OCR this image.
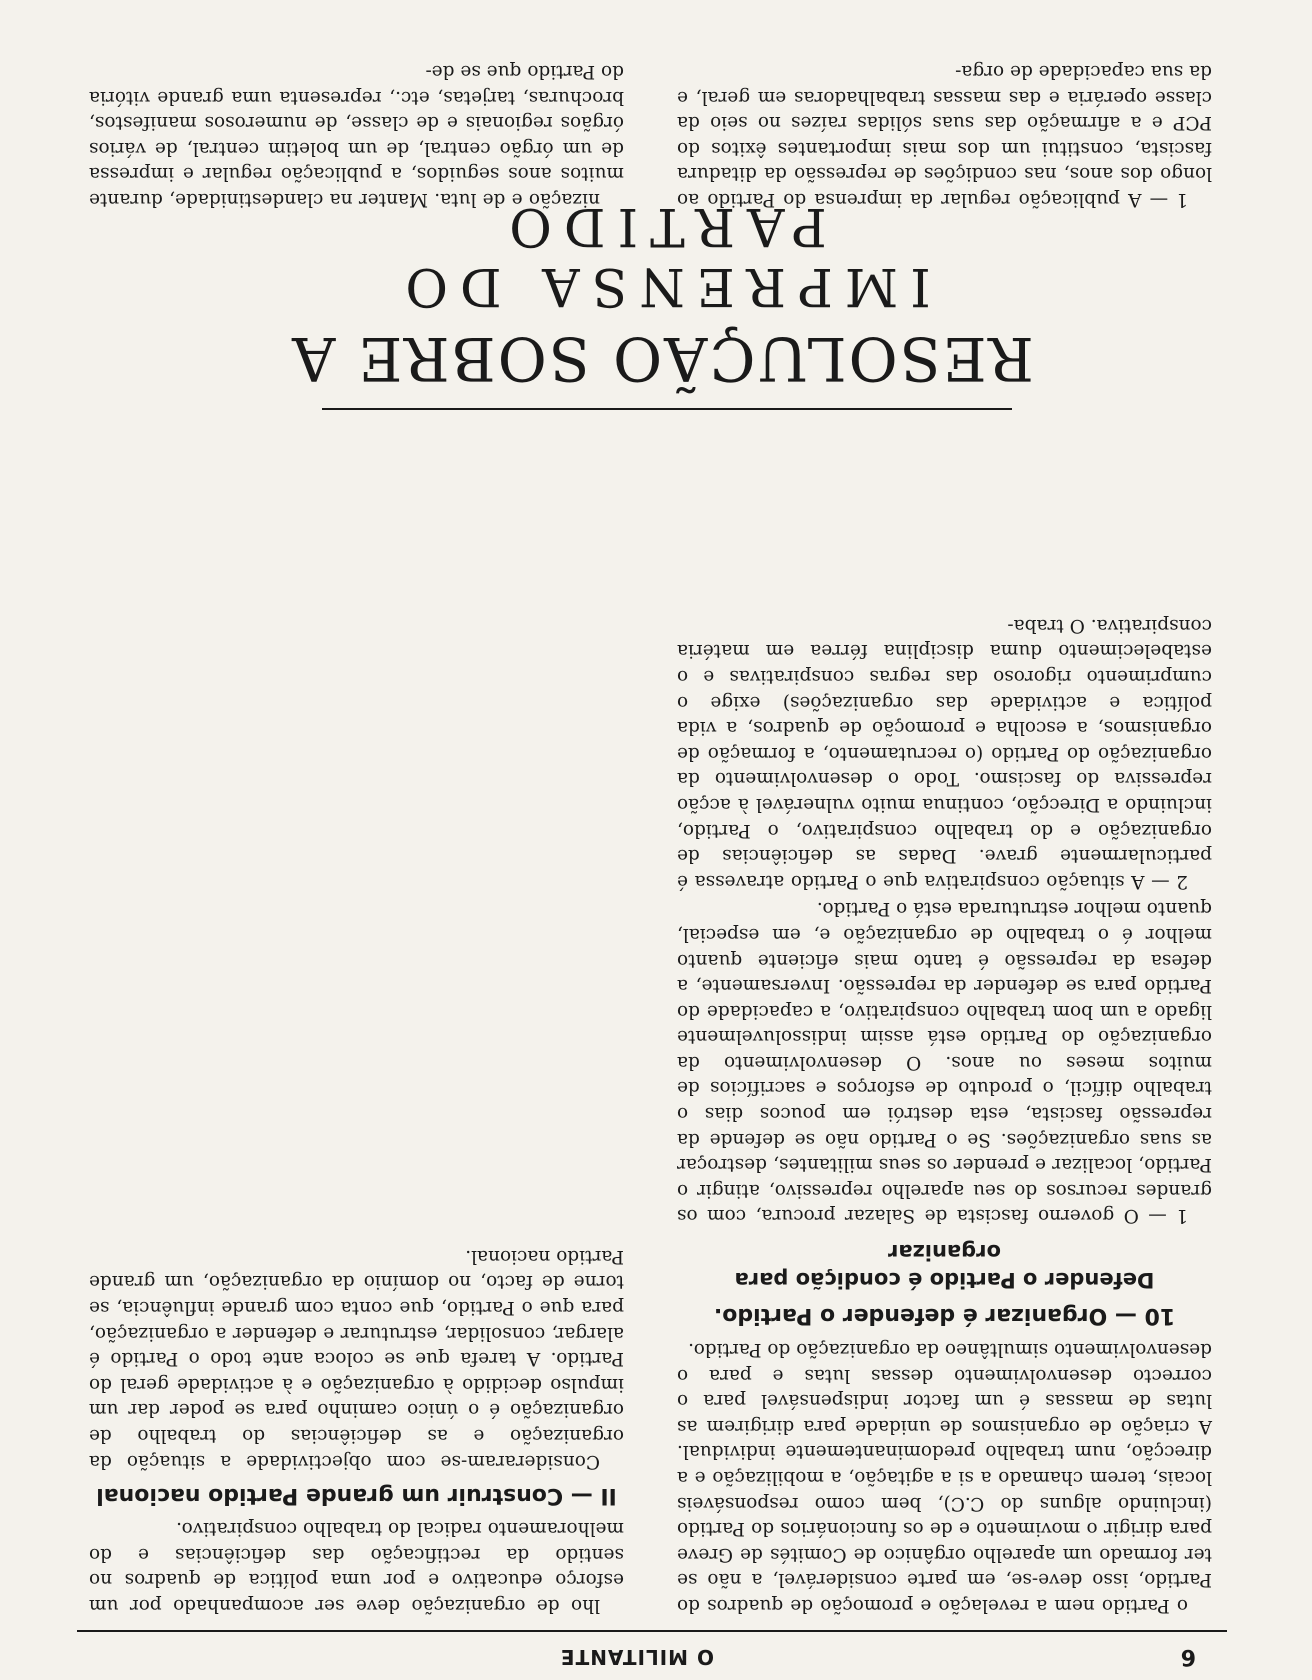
6
O MILITANTE

o Partido nem a revelação e promoção de quadros do Partido, isso deve-se, em parte considerável, a não se ter formado um aparelho orgânico de Comités de Greve para dirigir o movimento e de os funcionários do Partido (incluindo alguns do C.C), bem como responsáveis locais, terem chamado a si a agitação, a mobilização e a direcção, num trabalho predominantemente individual. A criação de organismos de unidade para dirigirem as lutas de massas é um factor indispensável para o correcto desenvolvimento dessas lutas e para o desenvolvimento simultâneo da organização do Partido.

10 — Organizar é defender o Partido.
Defender o Partido é condição para organizar

1 — O governo fascista de Salazar procura, com os grandes recursos do seu aparelho repressivo, atingir o Partido, localizar e prender os seus militantes, destroçar as suas organizações. Se o Partido não se defende da repressão fascista, esta destrói em poucos dias o trabalho difícil, o produto de esforços e sacrifícios de muitos meses ou anos. O desenvolvimento da organização do Partido está assim indissoluvelmente ligado a um bom trabalho conspirativo, a capacidade do Partido para se defender da repressão. Inversamente, a defesa da repressão é tanto mais eficiente quanto melhor é o trabalho de organização e, em especial, quanto melhor estruturada está o Partido.

2 — A situação conspirativa que o Partido atravessa é particularmente grave. Dadas as deficiências de organização e do trabalho conspirativo, o Partido, incluindo a Direcção, continua muito vulnerável à acção repressiva do fascismo. Todo o desenvolvimento da organização do Partido (o recrutamento, a formação de organismos, a escolha e promoção de quadros, a vida política e actividade das organizações) exige o cumprimento rigoroso das regras conspirativas e o estabelecimento duma disciplina férrea em matéria conspirativa. O traba-

lho de organização deve ser acompanhado por um esforço educativo e por uma política de quadros no sentido da rectificação das deficiências e do melhoramento radical do trabalho conspirativo.

II — Construir um grande Partido nacional

Consideraram-se com objectividade a situação da organização e as deficiências do trabalho de organização é o único caminho para se poder dar um impulso decidido à organização e à actividade geral do Partido. A tarefa que se coloca ante todo o Partido é alargar, consolidar, estruturar e defender a organização, para que o Partido, que conta com grande influência, se torne de facto, no domínio da organização, um grande Partido nacional.

RESOLUÇÃO SOBRE A
IMPRENSA DO PARTIDO

1 — A publicação regular da imprensa do Partido ao longo dos anos, nas condições de repressão da ditadura fascista, constitui um dos mais importantes êxitos do PCP e a afirmação das suas sólidas raízes no seio da classe operária e das massas trabalhadoras em geral, e da sua capacidade de orga-

nização e de luta. Manter na clandestinidade, durante muitos anos seguidos, a publicação regular e impressa de um órgão central, de um boletim central, de vários órgãos regionais e de classe, de numerosos manifestos, brochuras, tarjetas, etc., representa uma grande vitória do Partido que se de-
